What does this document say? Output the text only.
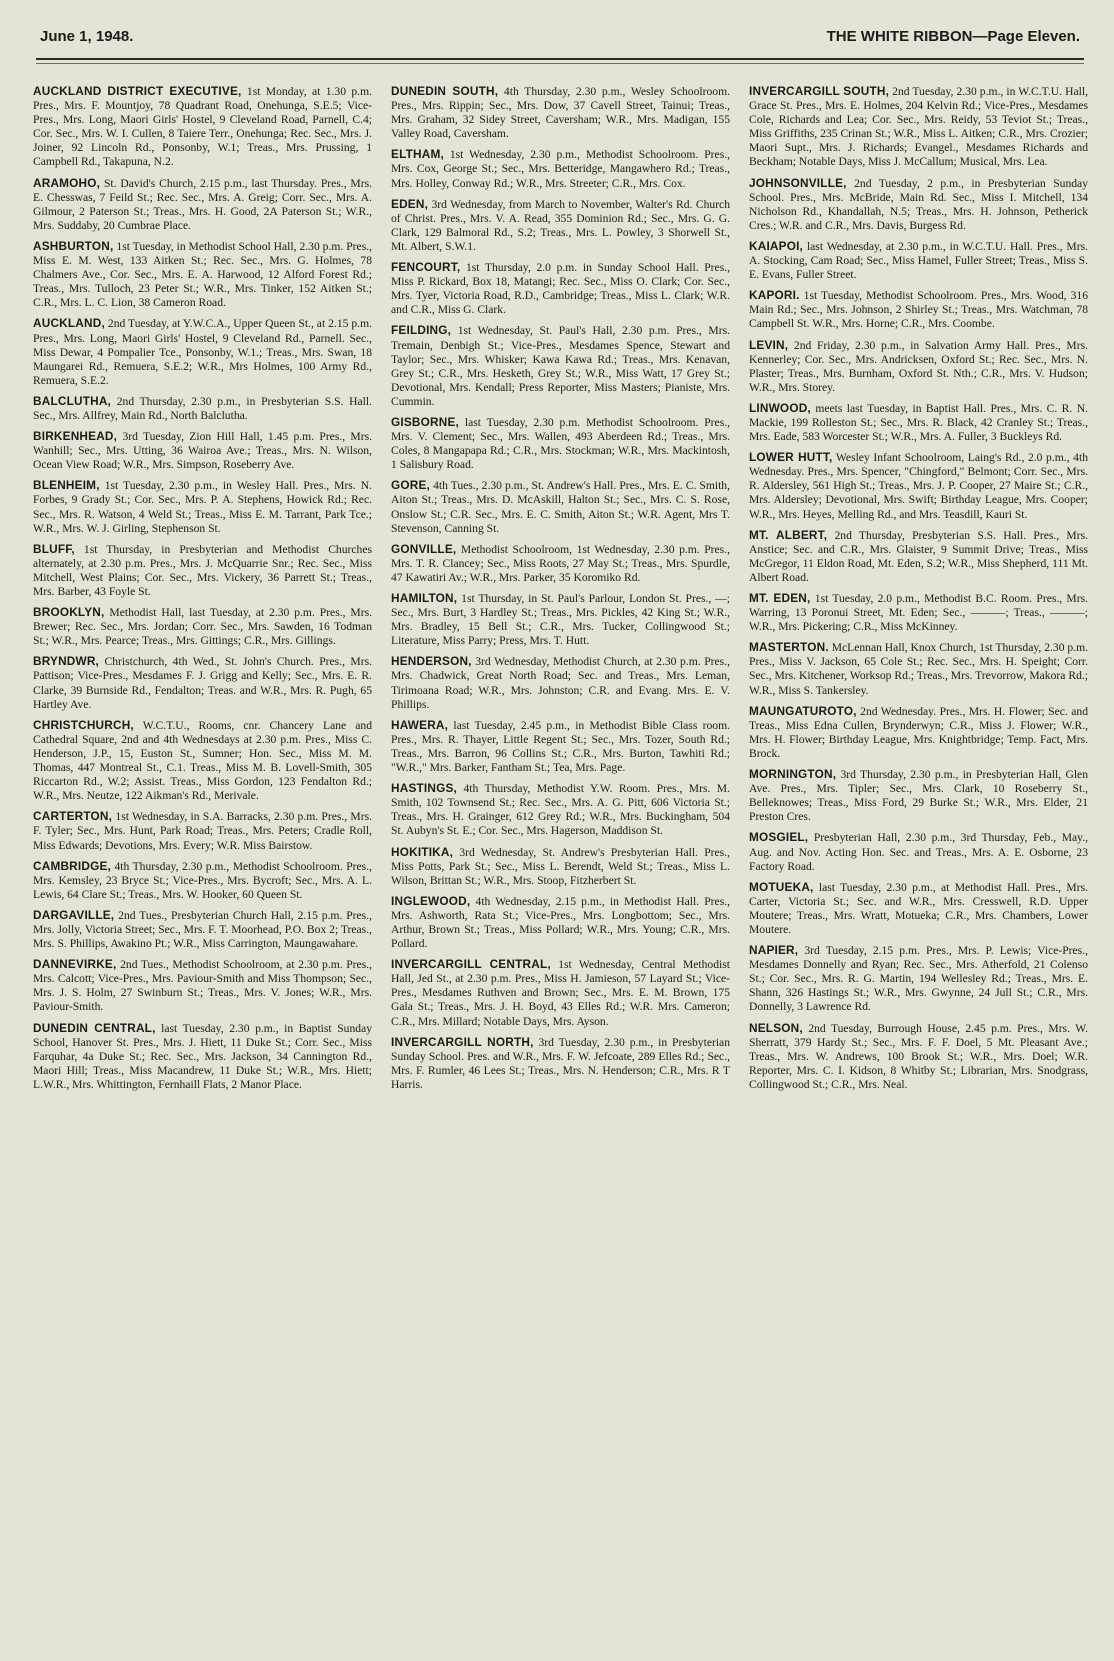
June 1, 1948.	THE WHITE RIBBON—Page Eleven.

AUCKLAND DISTRICT EXECUTIVE, 1st Monday, at 1.30 p.m. Pres., Mrs. F. Mountjoy, 78 Quadrant Road, Onehunga, S.E.5; Vice-Pres., Mrs. Long, Maori Girls' Hostel, 9 Cleveland Road, Parnell, C.4; Cor. Sec., Mrs. W. I. Cullen, 8 Taiere Terr., Onehunga; Rec. Sec., Mrs. J. Joiner, 92 Lincoln Rd., Ponsonby, W.1; Treas., Mrs. Prussing, 1 Campbell Rd., Takapuna, N.2.

ARAMOHO, St. David's Church, 2.15 p.m., last Thursday. Pres., Mrs. E. Chesswas, 7 Feild St.; Rec. Sec., Mrs. A. Greig; Corr. Sec., Mrs. A. Gilmour, 2 Paterson St.; Treas., Mrs. H. Good, 2A Paterson St.; W.R., Mrs. Suddaby, 20 Cumbrae Place.

ASHBURTON, 1st Tuesday, in Methodist School Hall, 2.30 p.m. Pres., Miss E. M. West, 133 Aitken St.; Rec. Sec., Mrs. G. Holmes, 78 Chalmers Ave., Cor. Sec., Mrs. E. A. Harwood, 12 Alford Forest Rd.; Treas., Mrs. Tulloch, 23 Peter St.; W.R., Mrs. Tinker, 152 Aitken St.; C.R., Mrs. L. C. Lion, 38 Cameron Road.

AUCKLAND, 2nd Tuesday, at Y.W.C.A., Upper Queen St., at 2.15 p.m. Pres., Mrs. Long, Maori Girls' Hostel, 9 Cleveland Rd., Parnell. Sec., Miss Dewar, 4 Pompalier Tce., Ponsonby, W.1.; Treas., Mrs. Swan, 18 Maungarei Rd., Remuera, S.E.2; W.R., Mrs Holmes, 100 Army Rd., Remuera, S.E.2.

BALCLUTHA, 2nd Thursday, 2.30 p.m., in Presbyterian S.S. Hall. Sec., Mrs. Allfrey, Main Rd., North Balclutha.

BIRKENHEAD, 3rd Tuesday, Zion Hill Hall, 1.45 p.m. Pres., Mrs. Wanhill; Sec., Mrs. Utting, 36 Wairoa Ave.; Treas., Mrs. N. Wilson, Ocean View Road; W.R., Mrs. Simpson, Roseberry Ave.

BLENHEIM, 1st Tuesday, 2.30 p.m., in Wesley Hall. Pres., Mrs. N. Forbes, 9 Grady St.; Cor. Sec., Mrs. P. A. Stephens, Howick Rd.; Rec. Sec., Mrs. R. Watson, 4 Weld St.; Treas., Miss E. M. Tarrant, Park Tce.; W.R., Mrs. W. J. Girling, Stephenson St.

BLUFF, 1st Thursday, in Presbyterian and Methodist Churches alternately, at 2.30 p.m. Pres., Mrs. J. McQuarrie Snr.; Rec. Sec., Miss Mitchell, West Plains; Cor. Sec., Mrs. Vickery, 36 Parrett St.; Treas., Mrs. Barber, 43 Foyle St.

BROOKLYN, Methodist Hall, last Tuesday, at 2.30 p.m. Pres., Mrs. Brewer; Rec. Sec., Mrs. Jordan; Corr. Sec., Mrs. Sawden, 16 Todman St.; W.R., Mrs. Pearce; Treas., Mrs. Gittings; C.R., Mrs. Gillings.

BRYNDWR, Christchurch, 4th Wed., St. John's Church. Pres., Mrs. Pattison; Vice-Pres., Mesdames F. J. Grigg and Kelly; Sec., Mrs. E. R. Clarke, 39 Burnside Rd., Fendalton; Treas. and W.R., Mrs. R. Pugh, 65 Hartley Ave.

CHRISTCHURCH, W.C.T.U., Rooms, cnr. Chancery Lane and Cathedral Square, 2nd and 4th Wednesdays at 2.30 p.m. Pres., Miss C. Henderson, J.P., 15, Euston St., Sumner; Hon. Sec., Miss M. M. Thomas, 447 Montreal St., C.1. Treas., Miss M. B. Lovell-Smith, 305 Riccarton Rd., W.2; Assist. Treas., Miss Gordon, 123 Fendalton Rd.; W.R., Mrs. Neutze, 122 Aikman's Rd., Merivale.

CARTERTON, 1st Wednesday, in S.A. Barracks, 2.30 p.m. Pres., Mrs. F. Tyler; Sec., Mrs. Hunt, Park Road; Treas., Mrs. Peters; Cradle Roll, Miss Edwards; Devotions, Mrs. Every; W.R. Miss Bairstow.

CAMBRIDGE, 4th Thursday, 2.30 p.m., Methodist Schoolroom. Pres., Mrs. Kemsley, 23 Bryce St.; Vice-Pres., Mrs. Bycroft; Sec., Mrs. A. L. Lewis, 64 Clare St.; Treas., Mrs. W. Hooker, 60 Queen St.

DARGAVILLE, 2nd Tues., Presbyterian Church Hall, 2.15 p.m. Pres., Mrs. Jolly, Victoria Street; Sec., Mrs. F. T. Moorhead, P.O. Box 2; Treas., Mrs. S. Phillips, Awakino Pt.; W.R., Miss Carrington, Maungawahare.

DANNEVIRKE, 2nd Tues., Methodist Schoolroom, at 2.30 p.m. Pres., Mrs. Calcott; Vice-Pres., Mrs. Paviour-Smith and Miss Thompson; Sec., Mrs. J. S. Holm, 27 Swinburn St.; Treas., Mrs. V. Jones; W.R., Mrs. Paviour-Smith.

DUNEDIN CENTRAL, last Tuesday, 2.30 p.m., in Baptist Sunday School, Hanover St. Pres., Mrs. J. Hiett, 11 Duke St.; Corr. Sec., Miss Farquhar, 4a Duke St.; Rec. Sec., Mrs. Jackson, 34 Cannington Rd., Maori Hill; Treas., Miss Macandrew, 11 Duke St.; W.R., Mrs. Hiett; L.W.R., Mrs. Whittington, Fernhaill Flats, 2 Manor Place.

DUNEDIN SOUTH, 4th Thursday, 2.30 p.m., Wesley Schoolroom. Pres., Mrs. Rippin; Sec., Mrs. Dow, 37 Cavell Street, Tainui; Treas., Mrs. Graham, 32 Sidey Street, Caversham; W.R., Mrs. Madigan, 155 Valley Road, Caversham.

ELTHAM, 1st Wednesday, 2.30 p.m., Methodist Schoolroom. Pres., Mrs. Cox, George St.; Sec., Mrs. Betteridge, Mangawhero Rd.; Treas., Mrs. Holley, Conway Rd.; W.R., Mrs. Streeter; C.R., Mrs. Cox.

EDEN, 3rd Wednesday, from March to November, Walter's Rd. Church of Christ. Pres., Mrs. V. A. Read, 355 Dominion Rd.; Sec., Mrs. G. G. Clark, 129 Balmoral Rd., S.2; Treas., Mrs. L. Powley, 3 Shorwell St., Mt. Albert, S.W.1.

FENCOURT, 1st Thursday, 2.0 p.m. in Sunday School Hall. Pres., Miss P. Rickard, Box 18, Matangi; Rec. Sec., Miss O. Clark; Cor. Sec., Mrs. Tyer, Victoria Road, R.D., Cambridge; Treas., Miss L. Clark; W.R. and C.R., Miss G. Clark.

FEILDING, 1st Wednesday, St. Paul's Hall, 2.30 p.m. Pres., Mrs. Tremain, Denbigh St.; Vice-Pres., Mesdames Spence, Stewart and Taylor; Sec., Mrs. Whisker; Kawa Kawa Rd.; Treas., Mrs. Kenavan, Grey St.; C.R., Mrs. Hesketh, Grey St.; W.R., Miss Watt, 17 Grey St.; Devotional, Mrs. Kendall; Press Reporter, Miss Masters; Pianiste, Mrs. Cummin.

GISBORNE, last Tuesday, 2.30 p.m. Methodist Schoolroom. Pres., Mrs. V. Clement; Sec., Mrs. Wallen, 493 Aberdeen Rd.; Treas., Mrs. Coles, 8 Mangapapa Rd.; C.R., Mrs. Stockman; W.R., Mrs. Mackintosh, 1 Salisbury Road.

GORE, 4th Tues., 2.30 p.m., St. Andrew's Hall. Pres., Mrs. E. C. Smith, Aiton St.; Treas., Mrs. D. McAskill, Halton St.; Sec., Mrs. C. S. Rose, Onslow St.; C.R. Sec., Mrs. E. C. Smith, Aiton St.; W.R. Agent, Mrs T. Stevenson, Canning St.

GONVILLE, Methodist Schoolroom, 1st Wednesday, 2.30 p.m. Pres., Mrs. T. R. Clancey; Sec., Miss Roots, 27 May St.; Treas., Mrs. Spurdle, 47 Kawatiri Av.; W.R., Mrs. Parker, 35 Koromiko Rd.

HAMILTON, 1st Thursday, in St. Paul's Parlour, London St. Pres., —; Sec., Mrs. Burt, 3 Hardley St.; Treas., Mrs. Pickles, 42 King St.; W.R., Mrs. Bradley, 15 Bell St.; C.R., Mrs. Tucker, Collingwood St.; Literature, Miss Parry; Press, Mrs. T. Hutt.

HENDERSON, 3rd Wednesday, Methodist Church, at 2.30 p.m. Pres., Mrs. Chadwick, Great North Road; Sec. and Treas., Mrs. Leman, Tirimoana Road; W.R., Mrs. Johnston; C.R. and Evang. Mrs. E. V. Phillips.

HAWERA, last Tuesday, 2.45 p.m., in Methodist Bible Class room. Pres., Mrs. R. Thayer, Little Regent St.; Sec., Mrs. Tozer, South Rd.; Treas., Mrs. Barron, 96 Collins St.; C.R., Mrs. Burton, Tawhiti Rd.; "W.R.," Mrs. Barker, Fantham St.; Tea, Mrs. Page.

HASTINGS, 4th Thursday, Methodist Y.W. Room. Pres., Mrs. M. Smith, 102 Townsend St.; Rec. Sec., Mrs. A. G. Pitt, 606 Victoria St.; Treas., Mrs. H. Grainger, 612 Grey Rd.; W.R., Mrs. Buckingham, 504 St. Aubyn's St. E.; Cor. Sec., Mrs. Hagerson, Maddison St.

HOKITIKA, 3rd Wednesday, St. Andrew's Presbyterian Hall. Pres., Miss Potts, Park St.; Sec., Miss L. Berendt, Weld St.; Treas., Miss L. Wilson, Brittan St.; W.R., Mrs. Stoop, Fitzherbert St.

INGLEWOOD, 4th Wednesday, 2.15 p.m., in Methodist Hall. Pres., Mrs. Ashworth, Rata St.; Vice-Pres., Mrs. Longbottom; Sec., Mrs. Arthur, Brown St.; Treas., Miss Pollard; W.R., Mrs. Young; C.R., Mrs. Pollard.

INVERCARGILL CENTRAL, 1st Wednesday, Central Methodist Hall, Jed St., at 2.30 p.m. Pres., Miss H. Jamieson, 57 Layard St.; Vice-Pres., Mesdames Ruthven and Brown; Sec., Mrs. E. M. Brown, 175 Gala St.; Treas., Mrs. J. H. Boyd, 43 Elles Rd.; W.R. Mrs. Cameron; C.R., Mrs. Millard; Notable Days, Mrs. Ayson.

INVERCARGILL NORTH, 3rd Tuesday, 2.30 p.m., in Presbyterian Sunday School. Pres. and W.R., Mrs. F. W. Jefcoate, 289 Elles Rd.; Sec., Mrs. F. Rumler, 46 Lees St.; Treas., Mrs. N. Henderson; C.R., Mrs. R T Harris.

INVERCARGILL SOUTH, 2nd Tuesday, 2.30 p.m., in W.C.T.U. Hall, Grace St. Pres., Mrs. E. Holmes, 204 Kelvin Rd.; Vice-Pres., Mesdames Cole, Richards and Lea; Cor. Sec., Mrs. Reidy, 53 Teviot St.; Treas., Miss Griffiths, 235 Crinan St.; W.R., Miss L. Aitken; C.R., Mrs. Crozier; Maori Supt., Mrs. J. Richards; Evangel., Mesdames Richards and Beckham; Notable Days, Miss J. McCallum; Musical, Mrs. Lea.

JOHNSONVILLE, 2nd Tuesday, 2 p.m., in Presbyterian Sunday School. Pres., Mrs. McBride, Main Rd. Sec., Miss I. Mitchell, 134 Nicholson Rd., Khandallah, N.5; Treas., Mrs. H. Johnson, Petherick Cres.; W.R. and C.R., Mrs. Davis, Burgess Rd.

KAIAPOI, last Wednesday, at 2.30 p.m., in W.C.T.U. Hall. Pres., Mrs. A. Stocking, Cam Road; Sec., Miss Hamel, Fuller Street; Treas., Miss S. E. Evans, Fuller Street.

KAPORI. 1st Tuesday, Methodist Schoolroom. Pres., Mrs. Wood, 316 Main Rd.; Sec., Mrs. Johnson, 2 Shirley St.; Treas., Mrs. Watchman, 78 Campbell St. W.R., Mrs. Horne; C.R., Mrs. Coombe.

LEVIN, 2nd Friday, 2.30 p.m., in Salvation Army Hall. Pres., Mrs. Kennerley; Cor. Sec., Mrs. Andricksen, Oxford St.; Rec. Sec., Mrs. N. Plaster; Treas., Mrs. Burnham, Oxford St. Nth.; C.R., Mrs. V. Hudson; W.R., Mrs. Storey.

LINWOOD, meets last Tuesday, in Baptist Hall. Pres., Mrs. C. R. N. Mackie, 199 Rolleston St.; Sec., Mrs. R. Black, 42 Cranley St.; Treas., Mrs. Eade, 583 Worcester St.; W.R., Mrs. A. Fuller, 3 Buckleys Rd.

LOWER HUTT, Wesley Infant Schoolroom, Laing's Rd., 2.0 p.m., 4th Wednesday. Pres., Mrs. Spencer, "Chingford," Belmont; Corr. Sec., Mrs. R. Aldersley, 561 High St.; Treas., Mrs. J. P. Cooper, 27 Maire St.; C.R., Mrs. Aldersley; Devotional, Mrs. Swift; Birthday League, Mrs. Cooper; W.R., Mrs. Heyes, Melling Rd., and Mrs. Teasdill, Kauri St.

MT. ALBERT, 2nd Thursday, Presbyterian S.S. Hall. Pres., Mrs. Anstice; Sec. and C.R., Mrs. Glaister, 9 Summit Drive; Treas., Miss McGregor, 11 Eldon Road, Mt. Eden, S.2; W.R., Miss Shepherd, 111 Mt. Albert Road.

MT. EDEN, 1st Tuesday, 2.0 p.m., Methodist B.C. Room. Pres., Mrs. Warring, 13 Poronui Street, Mt. Eden; Sec., ———; Treas., ———; W.R., Mrs. Pickering; C.R., Miss McKinney.

MASTERTON. McLennan Hall, Knox Church, 1st Thursday, 2.30 p.m. Pres., Miss V. Jackson, 65 Cole St.; Rec. Sec., Mrs. H. Speight; Corr. Sec., Mrs. Kitchener, Worksop Rd.; Treas., Mrs. Trevorrow, Makora Rd.; W.R., Miss S. Tankersley.

MAUNGATUROTO, 2nd Wednesday. Pres., Mrs. H. Flower; Sec. and Treas., Miss Edna Cullen, Brynderwyn; C.R., Miss J. Flower; W.R., Mrs. H. Flower; Birthday League, Mrs. Knightbridge; Temp. Fact, Mrs. Brock.

MORNINGTON, 3rd Thursday, 2.30 p.m., in Presbyterian Hall, Glen Ave. Pres., Mrs. Tipler; Sec., Mrs. Clark, 10 Roseberry St., Belleknowes; Treas., Miss Ford, 29 Burke St.; W.R., Mrs. Elder, 21 Preston Cres.

MOSGIEL, Presbyterian Hall, 2.30 p.m., 3rd Thursday, Feb., May., Aug. and Nov. Acting Hon. Sec. and Treas., Mrs. A. E. Osborne, 23 Factory Road.

MOTUEKA, last Tuesday, 2.30 p.m., at Methodist Hall. Pres., Mrs. Carter, Victoria St.; Sec. and W.R., Mrs. Cresswell, R.D. Upper Moutere; Treas., Mrs. Wratt, Motueka; C.R., Mrs. Chambers, Lower Moutere.

NAPIER, 3rd Tuesday, 2.15 p.m. Pres., Mrs. P. Lewis; Vice-Pres., Mesdames Donnelly and Ryan; Rec. Sec., Mrs. Atherfold, 21 Colenso St.; Cor. Sec., Mrs. R. G. Martin, 194 Wellesley Rd.; Treas., Mrs. E. Shann, 326 Hastings St.; W.R., Mrs. Gwynne, 24 Jull St.; C.R., Mrs. Donnelly, 3 Lawrence Rd.

NELSON, 2nd Tuesday, Burrough House, 2.45 p.m. Pres., Mrs. W. Sherratt, 379 Hardy St.; Sec., Mrs. F. F. Doel, 5 Mt. Pleasant Ave.; Treas., Mrs. W. Andrews, 100 Brook St.; W.R., Mrs. Doel; W.R. Reporter, Mrs. C. I. Kidson, 8 Whitby St.; Librarian, Mrs. Snodgrass, Collingwood St.; C.R., Mrs. Neal.
